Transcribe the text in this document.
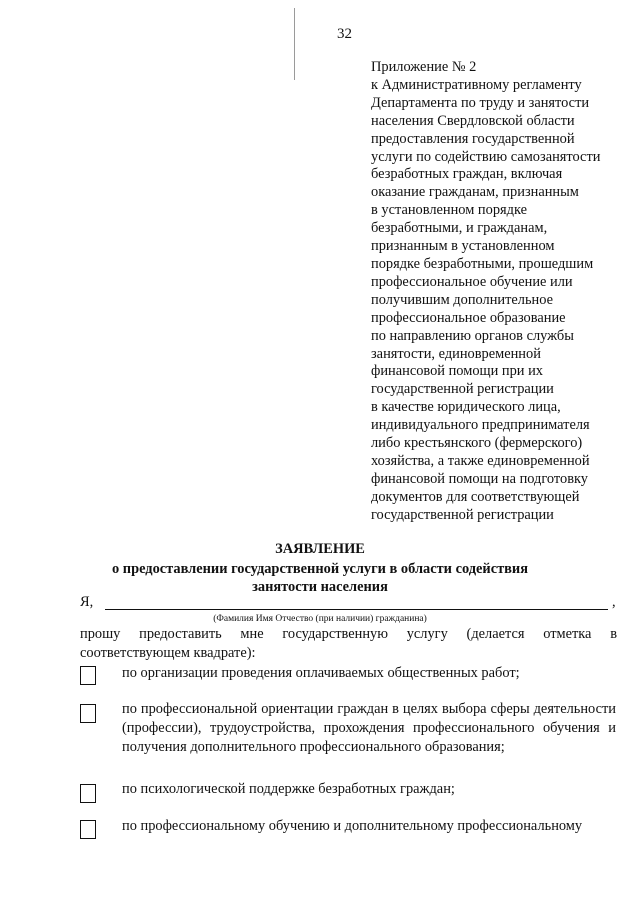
32
Приложение № 2
к Административному регламенту
Департамента по труду и занятости
населения Свердловской области
предоставления государственной
услуги по содействию самозанятости
безработных граждан, включая
оказание гражданам, признанным
в установленном порядке
безработными, и гражданам,
признанным в установленном
порядке безработными, прошедшим
профессиональное обучение или
получившим дополнительное
профессиональное образование
по направлению органов службы
занятости, единовременной
финансовой помощи при их
государственной регистрации
в качестве юридического лица,
индивидуального предпринимателя
либо крестьянского (фермерского)
хозяйства, а также единовременной
финансовой помощи на подготовку
документов для соответствующей
государственной регистрации
ЗАЯВЛЕНИЕ
о предоставлении государственной услуги в области содействия
занятости населения
Я,	,
(Фамилия Имя Отчество (при наличии) гражданина)
прошу предоставить мне государственную услугу (делается отметка в соответствующем квадрате):
по организации проведения оплачиваемых общественных работ;
по профессиональной ориентации граждан в целях выбора сферы деятельности (профессии), трудоустройства, прохождения профессионального обучения и получения дополнительного профессионального образования;
по психологической поддержке безработных граждан;
по профессиональному обучению и дополнительному профессиональному
